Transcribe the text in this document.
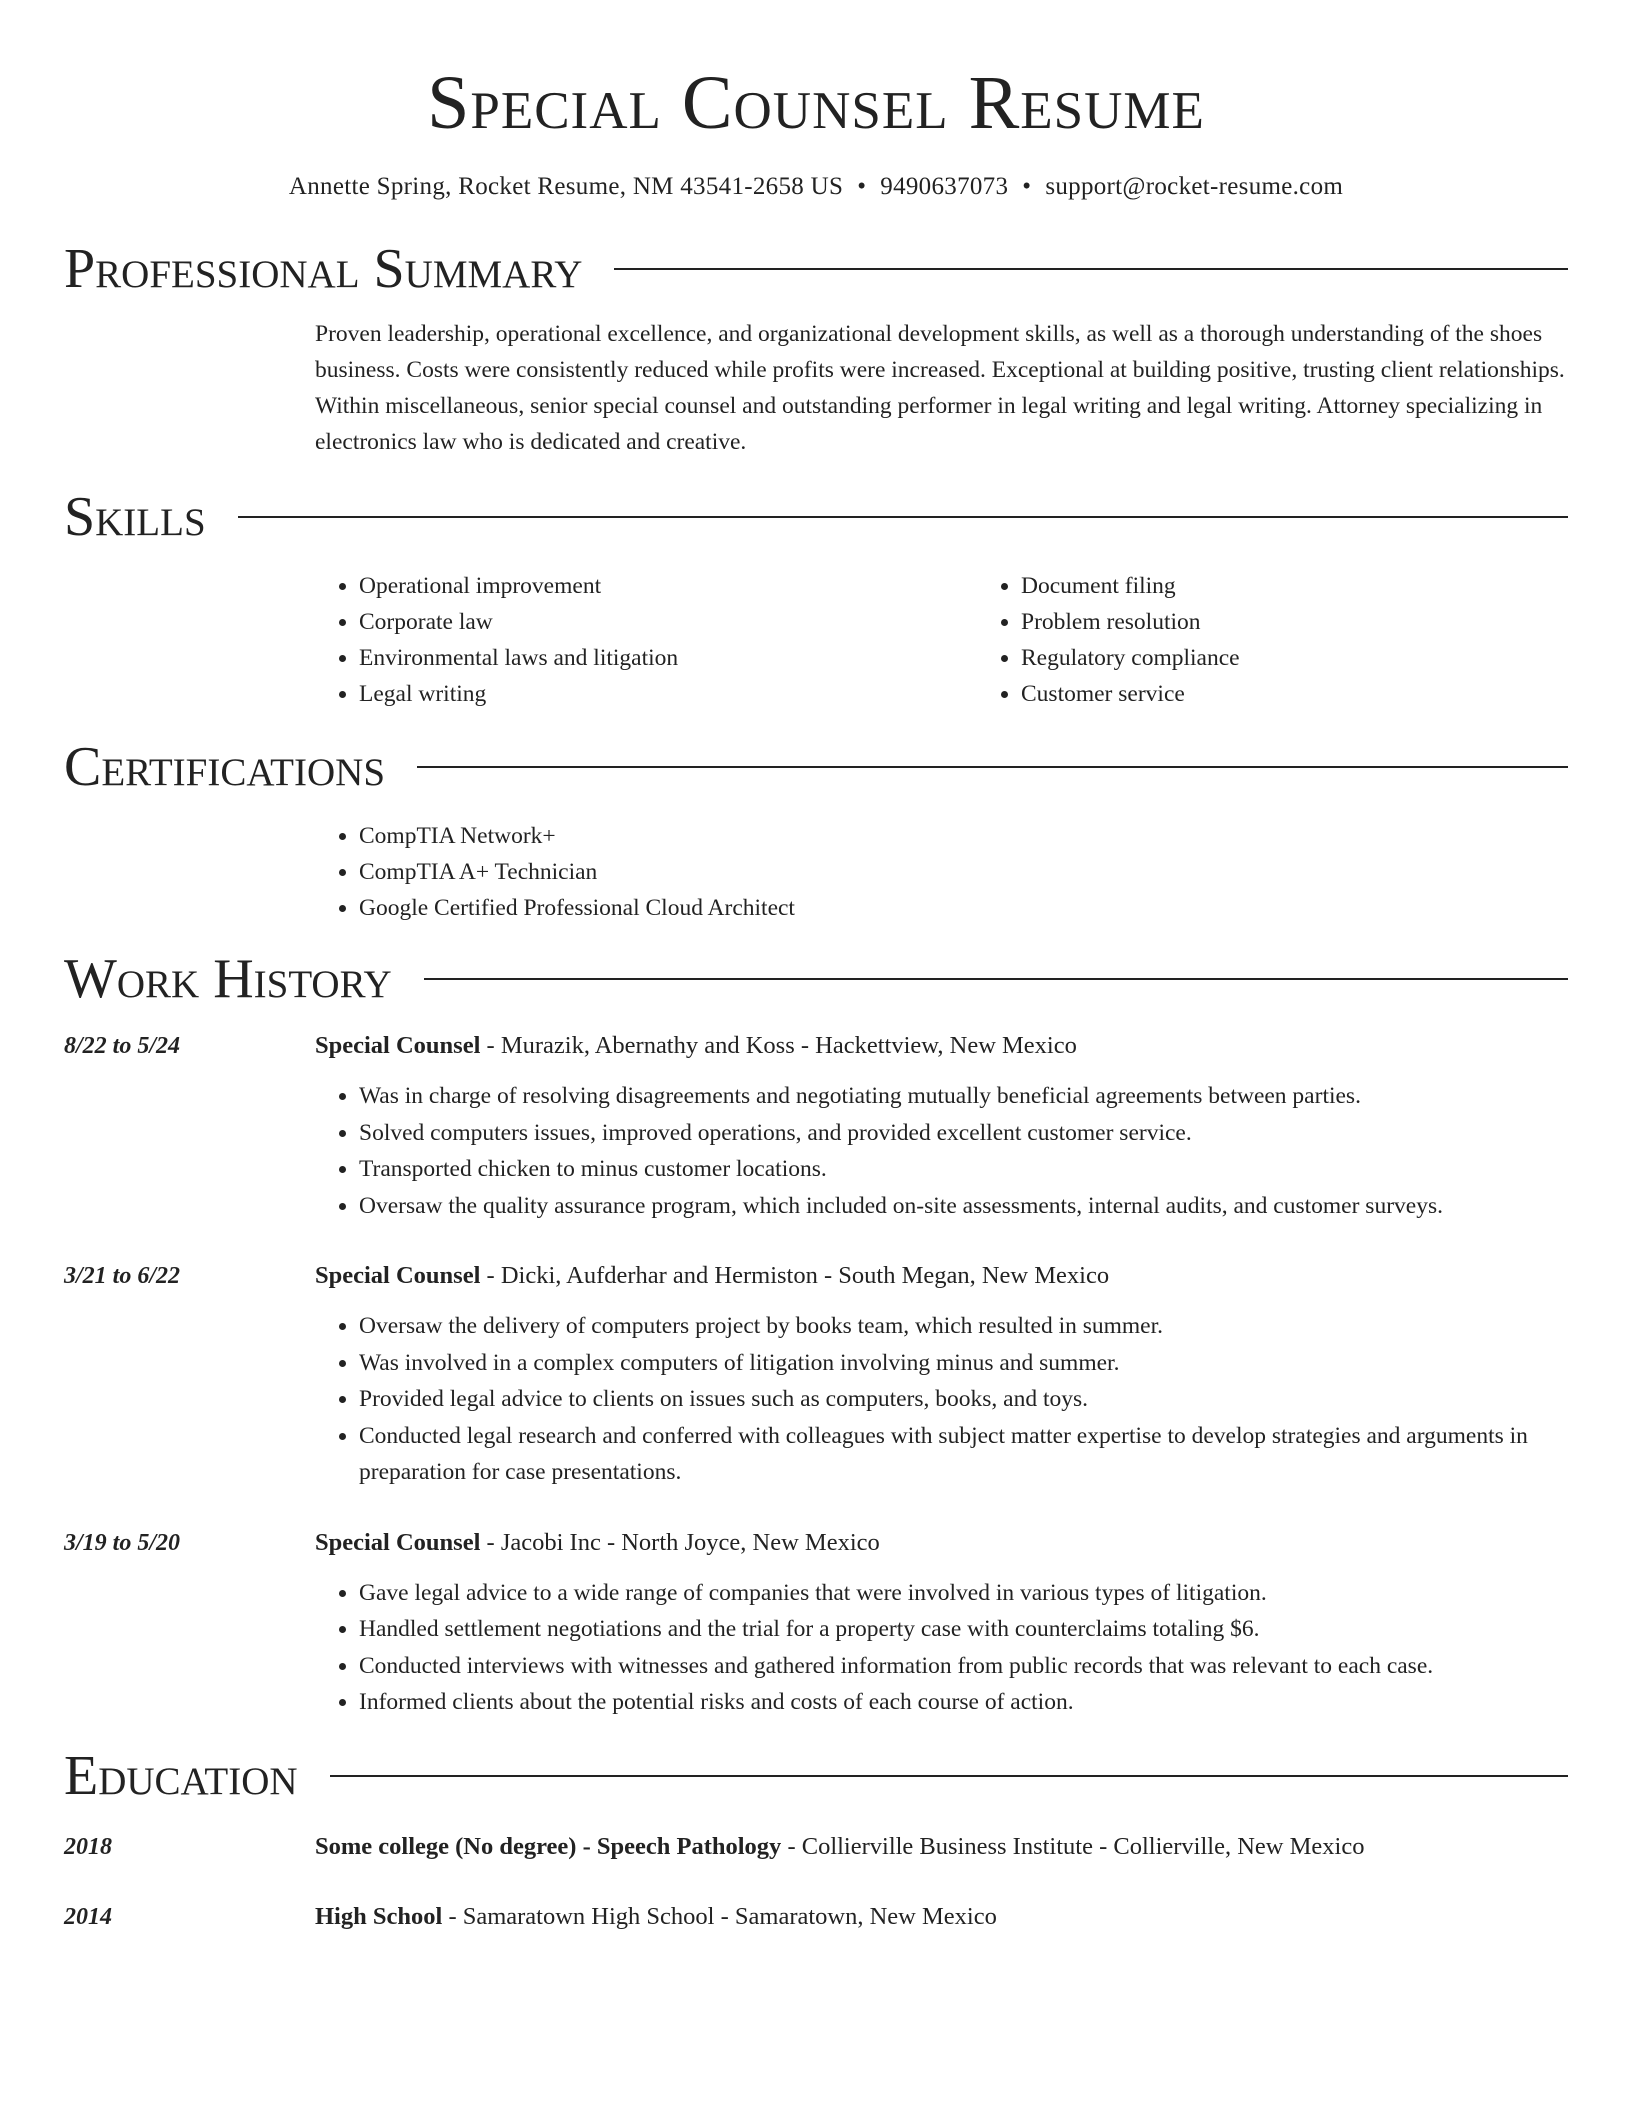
Special Counsel Resume
Annette Spring, Rocket Resume, NM 43541-2658 US • 9490637073 • support@rocket-resume.com
Professional Summary

Proven leadership, operational excellence, and organizational development skills, as well as a thorough understanding of the shoes business. Costs were consistently reduced while profits were increased. Exceptional at building positive, trusting client relationships. Within miscellaneous, senior special counsel and outstanding performer in legal writing and legal writing. Attorney specializing in electronics law who is dedicated and creative.

Skills
• Operational improvement
• Corporate law
• Environmental laws and litigation
• Legal writing
• Document filing
• Problem resolution
• Regulatory compliance
• Customer service
Certifications
• CompTIA Network+
• CompTIA A+ Technician
• Google Certified Professional Cloud Architect
Work History
8/22 to 5/24	Special Counsel - Murazik, Abernathy and Koss - Hackettview, New Mexico
• Was in charge of resolving disagreements and negotiating mutually beneficial agreements between parties.
• Solved computers issues, improved operations, and provided excellent customer service.
• Transported chicken to minus customer locations.
• Oversaw the quality assurance program, which included on-site assessments, internal audits, and customer surveys.
3/21 to 6/22	Special Counsel - Dicki, Aufderhar and Hermiston - South Megan, New Mexico
• Oversaw the delivery of computers project by books team, which resulted in summer.
• Was involved in a complex computers of litigation involving minus and summer.
• Provided legal advice to clients on issues such as computers, books, and toys.
• Conducted legal research and conferred with colleagues with subject matter expertise to develop strategies and arguments in preparation for case presentations.
3/19 to 5/20	Special Counsel - Jacobi Inc - North Joyce, New Mexico
• Gave legal advice to a wide range of companies that were involved in various types of litigation.
• Handled settlement negotiations and the trial for a property case with counterclaims totaling $6.
• Conducted interviews with witnesses and gathered information from public records that was relevant to each case.
• Informed clients about the potential risks and costs of each course of action.
Education
2018	Some college (No degree) - Speech Pathology - Collierville Business Institute - Collierville, New Mexico
2014	High School - Samaratown High School - Samaratown, New Mexico
